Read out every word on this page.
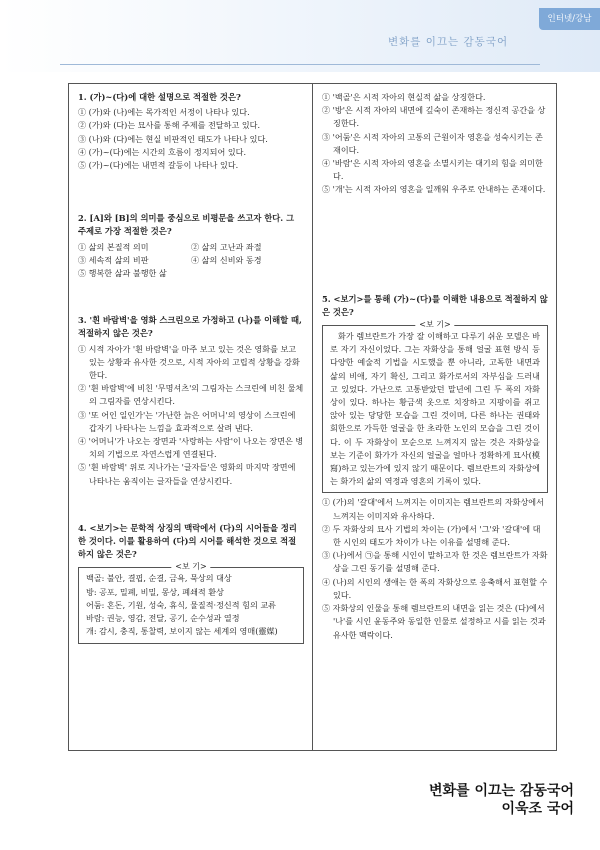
변화를 이끄는 감동국어
인터넷/강남
1. (가)~(다)에 대한 설명으로 적절한 것은?
① (가)와 (나)에는 목가적인 서정이 나타나 있다.
② (가)와 (다)는 묘사를 통해 주제를 전달하고 있다.
③ (나)와 (다)에는 현실 비판적인 태도가 나타나 있다.
④ (가)~(다)에는 시간의 흐름이 정지되어 있다.
⑤ (가)~(다)에는 내면적 갈등이 나타나 있다.
2. [A]와 [B]의 의미를 중심으로 비평문을 쓰고자 한다. 그 주제로 가장 적절한 것은?
① 삶의 본질적 의미	② 삶의 고난과 좌절
③ 세속적 삶의 비판	④ 삶의 신비와 동경
⑤ 행복한 삶과 불행한 삶
3. '흰 바람벽'을 영화 스크린으로 가정하고 (나)를 이해할 때, 적절하지 않은 것은?
① 시적 자아가 '흰 바람벽'을 마주 보고 있는 것은 영화를 보고 있는 상황과 유사한 것으로, 시적 자아의 고립적 상황을 강화한다.
② '흰 바람벽'에 비친 '무명셔츠'의 그림자는 스크린에 비친 물체의 그림자를 연상시킨다.
③ '또 어인 일인가'는 '가난한 늙은 어머니'의 영상이 스크린에 갑자기 나타나는 느낌을 효과적으로 살려 낸다.
④ '어머니'가 나오는 장면과 '사랑하는 사람'이 나오는 장면은 병치의 기법으로 자연스럽게 연결된다.
⑤ '흰 바람벽' 위로 지나가는 '글자들'은 영화의 마지막 장면에 나타나는 움직이는 글자들을 연상시킨다.
4. <보기>는 문학적 상징의 맥락에서 (다)의 시어들을 정리한 것이다. 이를 활용하여 (다)의 시어를 해석한 것으로 적절하지 않은 것은?
<보 기>
백골: 불안, 결핍, 순결, 금욕, 묵상의 대상
방: 공포, 밀폐, 비밀, 몽상, 폐쇄적 환상
어둠: 혼돈, 기원, 성숙, 휴식, 물질적·정신적 힘의 교류
바람: 권능, 영감, 전달, 공기, 순수성과 열정
개: 감시, 충직, 통찰력, 보이지 않는 세계의 영매(靈媒)
① '백골'은 시적 자아의 현실적 삶을 상징한다.
② '방'은 시적 자아의 내면에 깊숙이 존재하는 정신적 공간을 상징한다.
③ '어둠'은 시적 자아의 고통의 근원이자 영혼을 성숙시키는 존재이다.
④ '바람'은 시적 자아의 영혼을 소멸시키는 대기의 힘을 의미한다.
⑤ '개'는 시적 자아의 영혼을 일깨워 우주로 안내하는 존재이다.
5. <보기>를 통해 (가)~(다)를 이해한 내용으로 적절하지 않은 것은?
<보 기>
화가 렘브란트가 가장 잘 이해하고 다루기 쉬운 모델은 바로 자기 자신이었다. 그는 자화상을 통해 얼굴 표현 방식 등 다양한 예술적 기법을 시도했을 뿐 아니라, 고독한 내면과 삶의 비애, 자기 확신, 그리고 화가로서의 자부심을 드러내고 있었다. 가난으로 고통받았던 말년에 그린 두 폭의 자화상이 있다. 하나는 황금색 옷으로 치장하고 지팡이를 쥐고 앉아 있는 당당한 모습을 그린 것이며, 다른 하나는 권태와 회한으로 가득한 얼굴을 한 초라한 노인의 모습을 그린 것이다. 이 두 자화상이 모순으로 느껴지지 않는 것은 자화상을 보는 기준이 화가가 자신의 얼굴을 얼마나 정확하게 묘사(模寫)하고 있는가에 있지 않기 때문이다. 렘브란트의 자화상에는 화가의 삶의 역정과 영혼의 기록이 있다.
① (가)의 '갈대'에서 느껴지는 이미지는 렘브란트의 자화상에서 느껴지는 이미지와 유사하다.
② 두 자화상의 묘사 기법의 차이는 (가)에서 '그'와 '갈대'에 대한 시인의 태도가 차이가 나는 이유를 설명해 준다.
③ (나)에서 ㉠을 통해 시인이 말하고자 한 것은 렘브란트가 자화상을 그린 동기를 설명해 준다.
④ (나)의 시인의 생애는 한 폭의 자화상으로 응축해서 표현할 수 있다.
⑤ 자화상의 인물을 통해 렘브란트의 내면을 읽는 것은 (다)에서 '나'를 시인 윤동주와 동일한 인물로 설정하고 시를 읽는 것과 유사한 맥락이다.
변화를 이끄는 감동국어
이욱조 국어
